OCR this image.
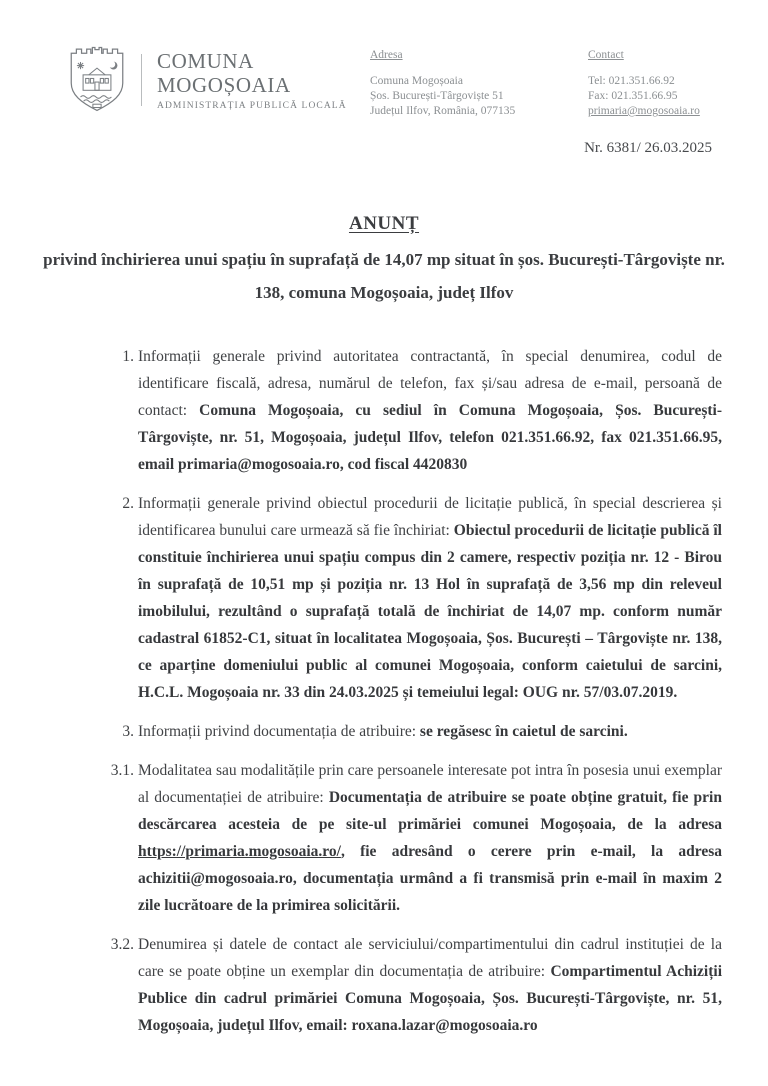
COMUNA
MOGOȘOAIA
ADMINISTRAȚIA PUBLICĂ LOCALĂ
Adresa
Comuna Mogoșoaia
Șos. București-Târgoviște 51
Județul Ilfov, România, 077135
Contact
Tel: 021.351.66.92
Fax: 021.351.66.95
primaria@mogosoaia.ro
Nr. 6381/ 26.03.2025
ANUNȚ
privind închirierea unui spațiu în suprafață de 14,07 mp situat în șos. București-Târgoviște nr. 138, comuna Mogoșoaia, județ Ilfov
1. Informații generale privind autoritatea contractantă, în special denumirea, codul de identificare fiscală, adresa, numărul de telefon, fax și/sau adresa de e-mail, persoană de contact: Comuna Mogoșoaia, cu sediul în Comuna Mogoșoaia, Șos. București-Târgoviște, nr. 51, Mogoșoaia, județul Ilfov, telefon 021.351.66.92, fax 021.351.66.95, email primaria@mogosoaia.ro, cod fiscal 4420830
2. Informații generale privind obiectul procedurii de licitație publică, în special descrierea și identificarea bunului care urmează să fie închiriat: Obiectul procedurii de licitație publică îl constituie închirierea unui spațiu compus din 2 camere, respectiv poziția nr. 12 - Birou în suprafață de 10,51 mp și poziția nr. 13 Hol în suprafață de 3,56 mp din releveul imobilului, rezultând o suprafață totală de închiriat de 14,07 mp. conform număr cadastral 61852-C1, situat în localitatea Mogoșoaia, Șos. București – Târgoviște nr. 138, ce aparține domeniului public al comunei Mogoșoaia, conform caietului de sarcini, H.C.L. Mogoșoaia nr. 33 din 24.03.2025 și temeiului legal: OUG nr. 57/03.07.2019.
3. Informații privind documentația de atribuire: se regăsesc în caietul de sarcini.
3.1. Modalitatea sau modalitățile prin care persoanele interesate pot intra în posesia unui exemplar al documentației de atribuire: Documentația de atribuire se poate obține gratuit, fie prin descărcarea acesteia de pe site-ul primăriei comunei Mogoșoaia, de la adresa https://primaria.mogosoaia.ro/, fie adresând o cerere prin e-mail, la adresa achizitii@mogosoaia.ro, documentația urmând a fi transmisă prin e-mail în maxim 2 zile lucrătoare de la primirea solicitării.
3.2. Denumirea și datele de contact ale serviciului/compartimentului din cadrul instituției de la care se poate obține un exemplar din documentația de atribuire: Compartimentul Achiziții Publice din cadrul primăriei Comuna Mogoșoaia, Șos. București-Târgoviște, nr. 51, Mogoșoaia, județul Ilfov, email: roxana.lazar@mogosoaia.ro
